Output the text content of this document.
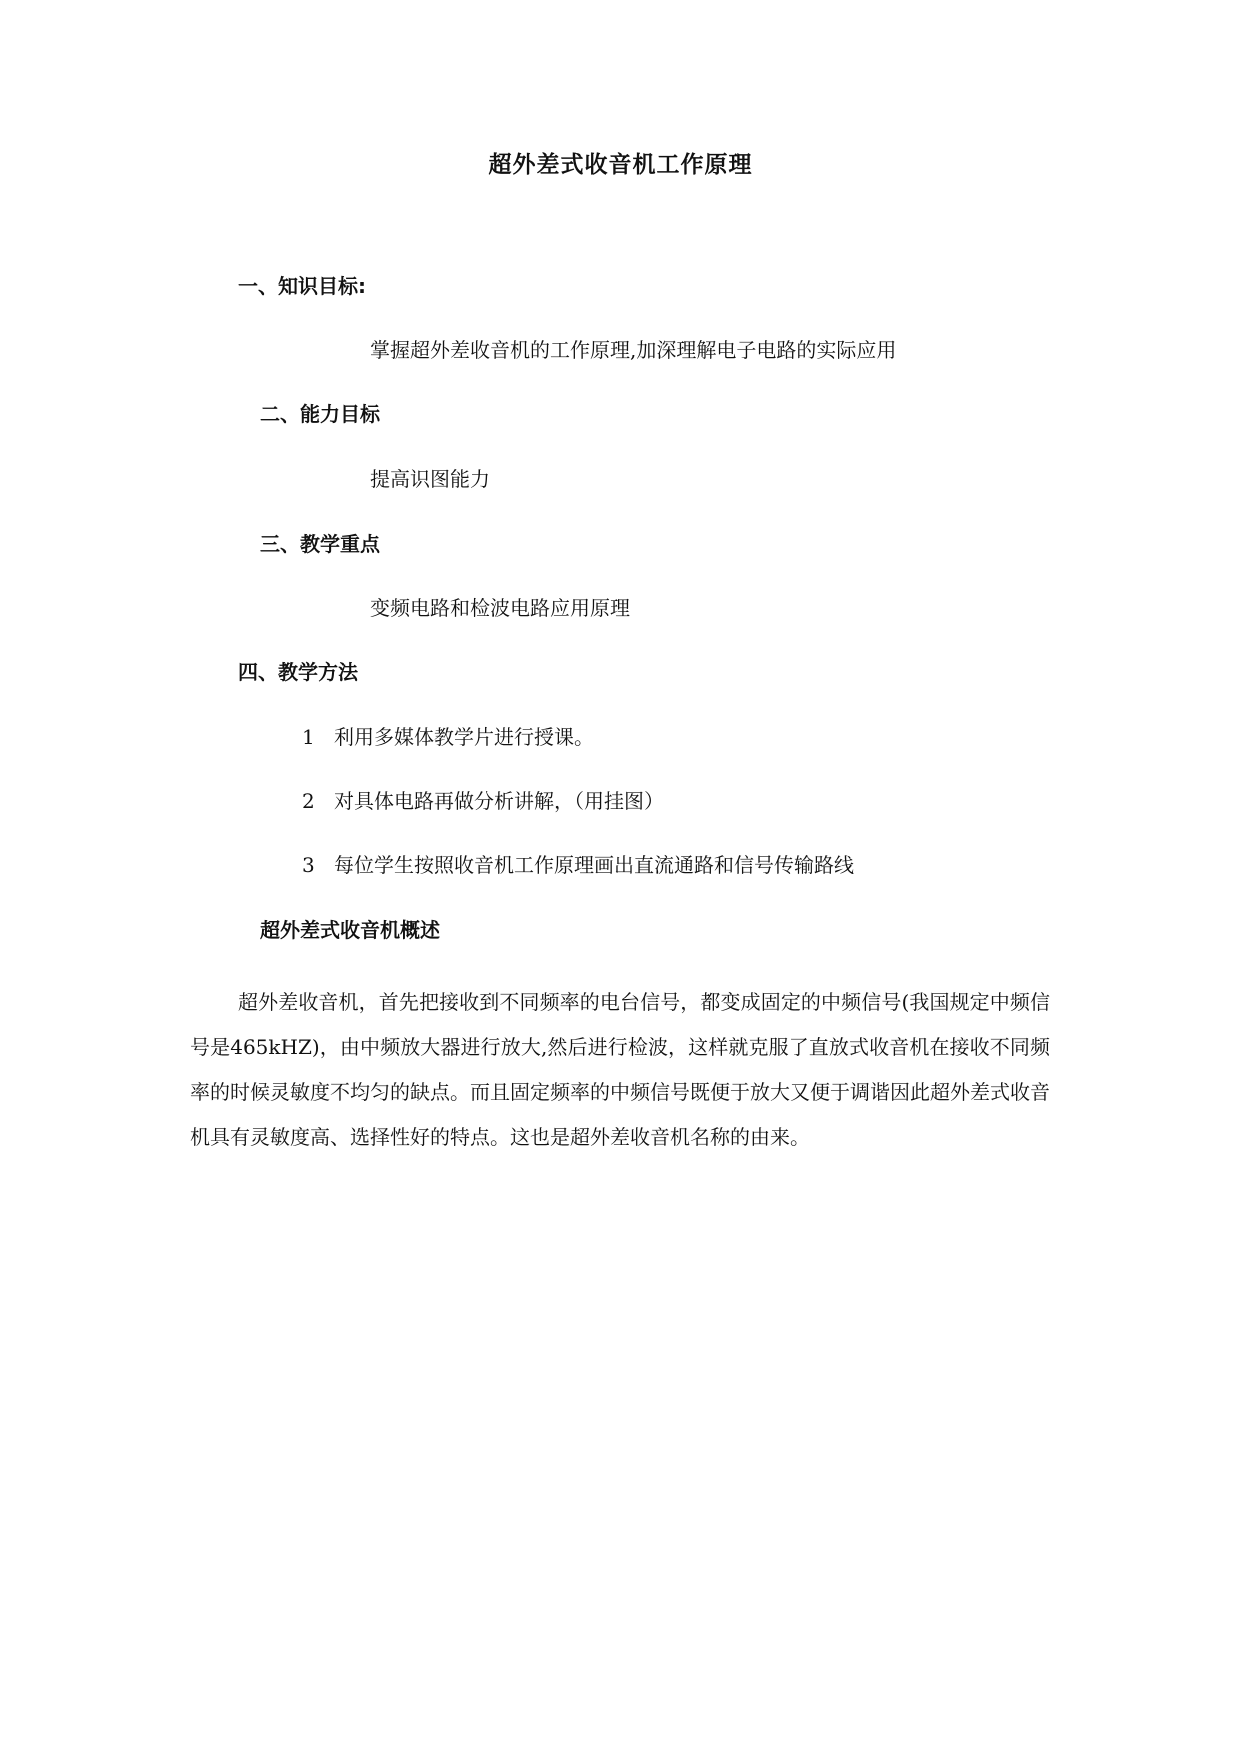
超外差式收音机工作原理
一、知识目标:
掌握超外差收音机的工作原理,加深理解电子电路的实际应用
二、能力目标
提高识图能力
三、教学重点
变频电路和检波电路应用原理
四、教学方法
1 利用多媒体教学片进行授课。
2 对具体电路再做分析讲解，（用挂图）
3 每位学生按照收音机工作原理画出直流通路和信号传输路线
超外差式收音机概述

超外差收音机，首先把接收到不同频率的电台信号，都变成固定的中频信号(我国规定中频信号是465kHZ)，由中频放大器进行放大,然后进行检波，这样就克服了直放式收音机在接收不同频率的时候灵敏度不均匀的缺点。而且固定频率的中频信号既便于放大又便于调谐因此超外差式收音机具有灵敏度高、选择性好的特点。这也是超外差收音机名称的由来。
